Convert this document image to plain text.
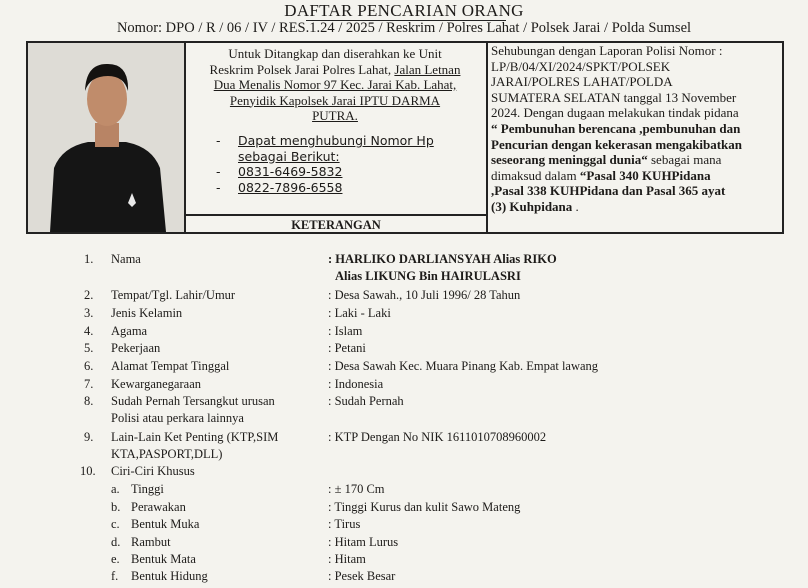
DAFTAR PENCARIAN ORANG
Nomor: DPO / R / 06 / IV / RES.1.24 / 2025 / Reskrim / Polres Lahat / Polsek Jarai / Polda Sumsel
Untuk Ditangkap dan diserahkan ke Unit
Reskrim Polsek Jarai Polres Lahat, Jalan Letnan
Dua Menalis Nomor 97 Kec. Jarai Kab. Lahat,
Penyidik Kapolsek Jarai IPTU DARMA
PUTRA.
- Dapat menghubungi Nomor Hp
sebagai Berikut:
- 0831-6469-5832
- 0822-7896-6558
KETERANGAN
Sehubungan dengan Laporan Polisi Nomor :
LP/B/04/XI/2024/SPKT/POLSEK
JARAI/POLRES LAHAT/POLDA
SUMATERA SELATAN tanggal 13 November
2024. Dengan dugaan melakukan tindak pidana
“ Pembunuhan berencana ,pembunuhan dan
Pencurian dengan kekerasan mengakibatkan
seseorang meninggal dunia“ sebagai mana
dimaksud dalam “Pasal 340 KUHPidana
,Pasal 338 KUHPidana dan Pasal 365 ayat
(3) Kuhpidana .
1. Nama	: HARLIKO DARLIANSYAH Alias RIKO
Alias LIKUNG Bin HAIRULASRI
2. Tempat/Tgl. Lahir/Umur	: Desa Sawah., 10 Juli 1996/ 28 Tahun
3. Jenis Kelamin	: Laki - Laki
4. Agama	: Islam
5. Pekerjaan	: Petani
6. Alamat Tempat Tinggal	: Desa Sawah Kec. Muara Pinang Kab. Empat lawang
7. Kewarganegaraan	: Indonesia
8. Sudah Pernah Tersangkut urusan	: Sudah Pernah
Polisi atau perkara lainnya
9. Lain-Lain Ket Penting (KTP,SIM	: KTP Dengan No NIK 1611010708960002
KTA,PASPORT,DLL)
10. Ciri-Ciri Khusus
a. Tinggi	: ± 170 Cm
b. Perawakan	: Tinggi Kurus dan kulit Sawo Mateng
c. Bentuk Muka	: Tirus
d. Rambut	: Hitam Lurus
e. Bentuk Mata	: Hitam
f. Bentuk Hidung	: Pesek Besar
